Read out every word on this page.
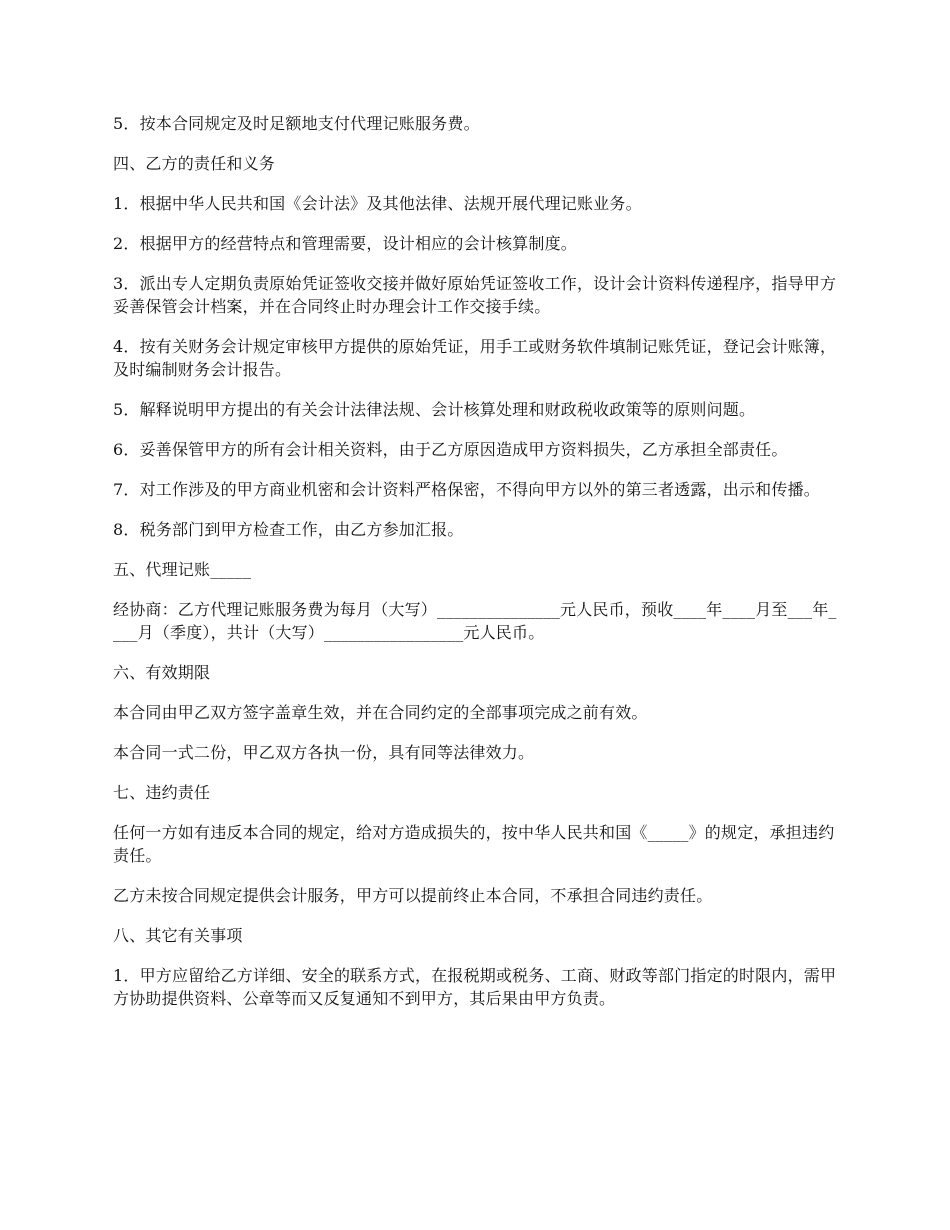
5．按本合同规定及时足额地支付代理记账服务费。

四、乙方的责任和义务

1．根据中华人民共和国《会计法》及其他法律、法规开展代理记账业务。

2．根据甲方的经营特点和管理需要，设计相应的会计核算制度。

3．派出专人定期负责原始凭证签收交接并做好原始凭证签收工作，设计会计资料传递程序，指导甲方妥善保管会计档案，并在合同终止时办理会计工作交接手续。

4．按有关财务会计规定审核甲方提供的原始凭证，用手工或财务软件填制记账凭证，登记会计账簿，及时编制财务会计报告。

5．解释说明甲方提出的有关会计法律法规、会计核算处理和财政税收政策等的原则问题。

6．妥善保管甲方的所有会计相关资料，由于乙方原因造成甲方资料损失，乙方承担全部责任。

7．对工作涉及的甲方商业机密和会计资料严格保密，不得向甲方以外的第三者透露，出示和传播。

8．税务部门到甲方检查工作，由乙方参加汇报。

五、代理记账_____

经协商：乙方代理记账服务费为每月（大写）_______________元人民币，预收____年____月至___年____月（季度），共计（大写）_________________元人民币。

六、有效期限

本合同由甲乙双方签字盖章生效，并在合同约定的全部事项完成之前有效。

本合同一式二份，甲乙双方各执一份，具有同等法律效力。

七、违约责任

任何一方如有违反本合同的规定，给对方造成损失的，按中华人民共和国《_____》的规定，承担违约责任。

乙方未按合同规定提供会计服务，甲方可以提前终止本合同，不承担合同违约责任。

八、其它有关事项

1．甲方应留给乙方详细、安全的联系方式，在报税期或税务、工商、财政等部门指定的时限内，需甲方协助提供资料、公章等而又反复通知不到甲方，其后果由甲方负责。
